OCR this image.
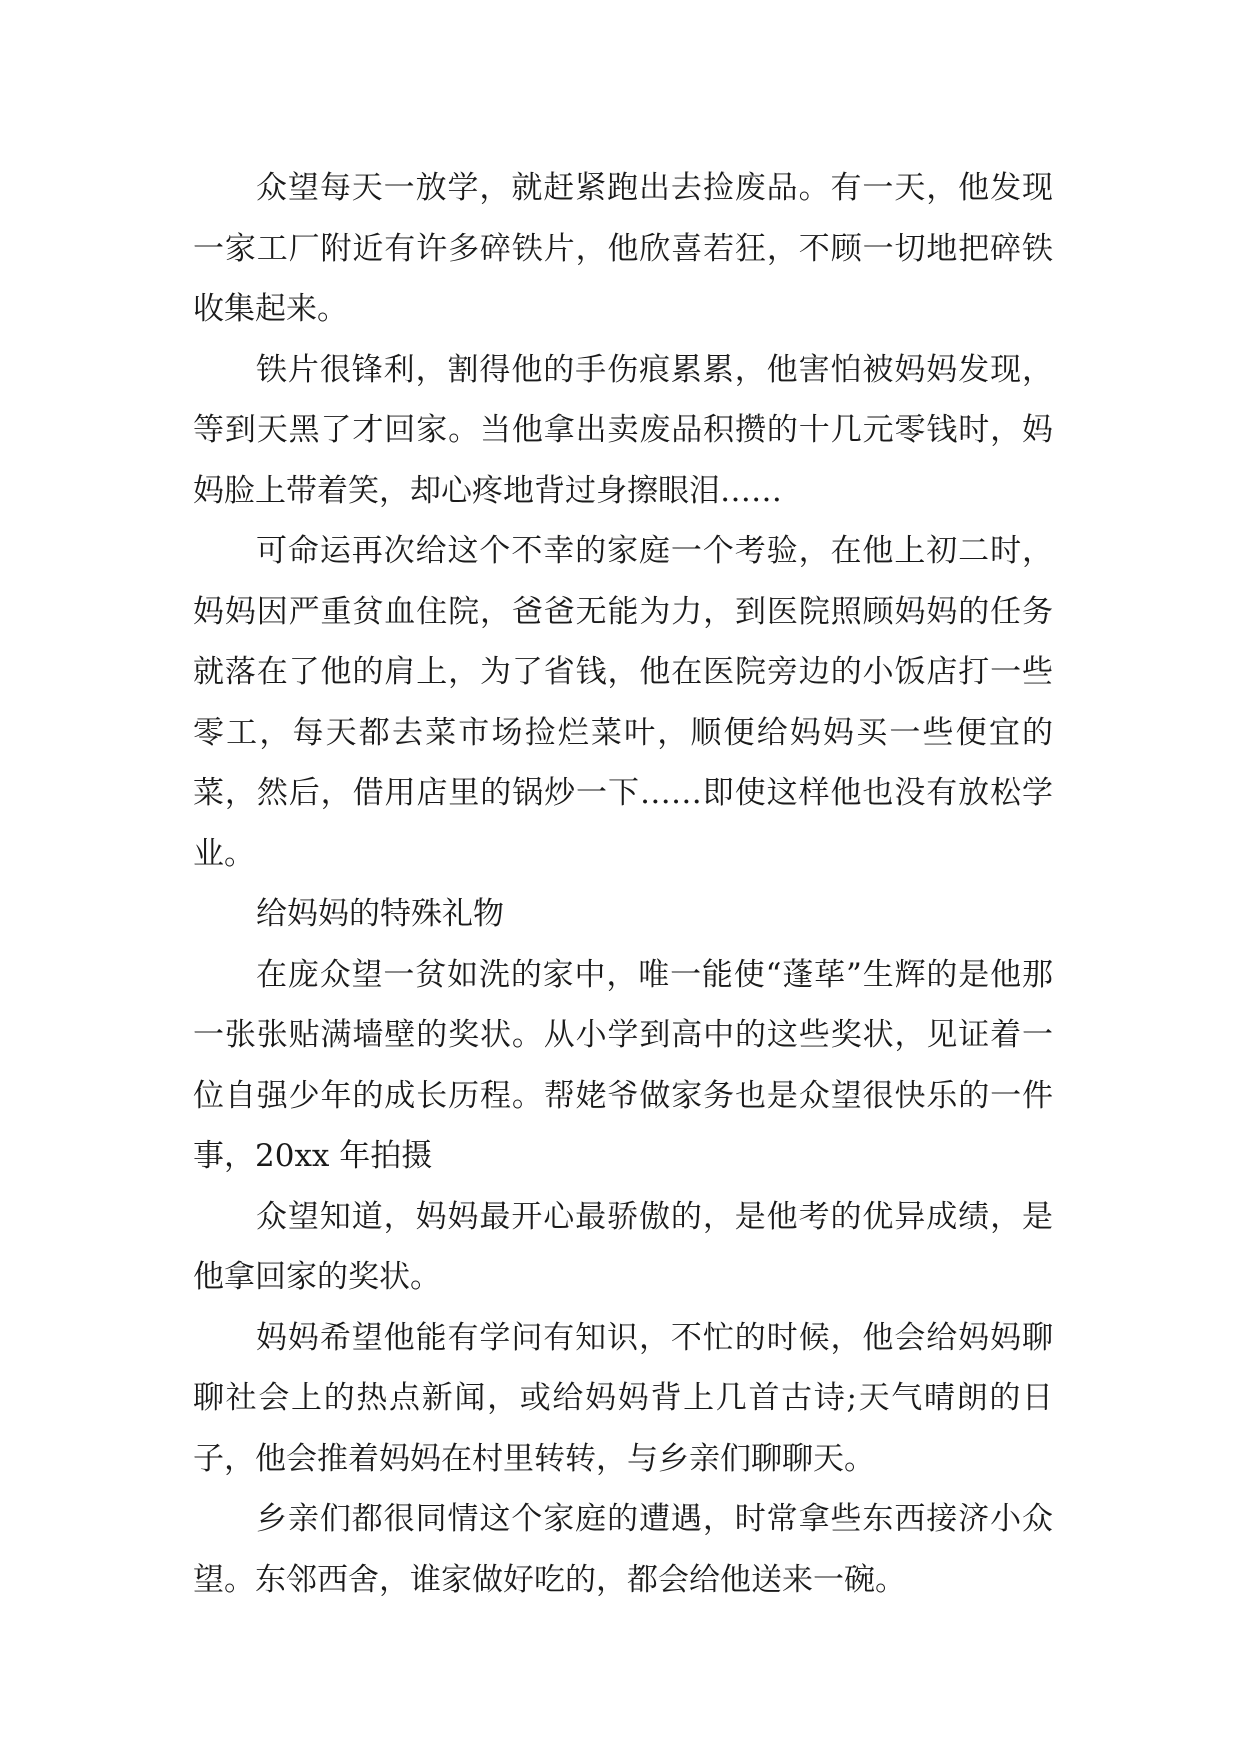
众望每天一放学，就赶紧跑出去捡废品。有一天，他发现一家工厂附近有许多碎铁片，他欣喜若狂，不顾一切地把碎铁收集起来。

铁片很锋利，割得他的手伤痕累累，他害怕被妈妈发现，等到天黑了才回家。当他拿出卖废品积攒的十几元零钱时，妈妈脸上带着笑，却心疼地背过身擦眼泪……

可命运再次给这个不幸的家庭一个考验，在他上初二时，妈妈因严重贫血住院，爸爸无能为力，到医院照顾妈妈的任务就落在了他的肩上，为了省钱，他在医院旁边的小饭店打一些零工，每天都去菜市场捡烂菜叶，顺便给妈妈买一些便宜的菜，然后，借用店里的锅炒一下……即使这样他也没有放松学业。

给妈妈的特殊礼物

在庞众望一贫如洗的家中，唯一能使“蓬荜”生辉的是他那一张张贴满墙壁的奖状。从小学到高中的这些奖状，见证着一位自强少年的成长历程。帮姥爷做家务也是众望很快乐的一件事，20xx 年拍摄

众望知道，妈妈最开心最骄傲的，是他考的优异成绩，是他拿回家的奖状。

妈妈希望他能有学问有知识，不忙的时候，他会给妈妈聊聊社会上的热点新闻，或给妈妈背上几首古诗;天气晴朗的日子，他会推着妈妈在村里转转，与乡亲们聊聊天。

乡亲们都很同情这个家庭的遭遇，时常拿些东西接济小众望。东邻西舍，谁家做好吃的，都会给他送来一碗。
